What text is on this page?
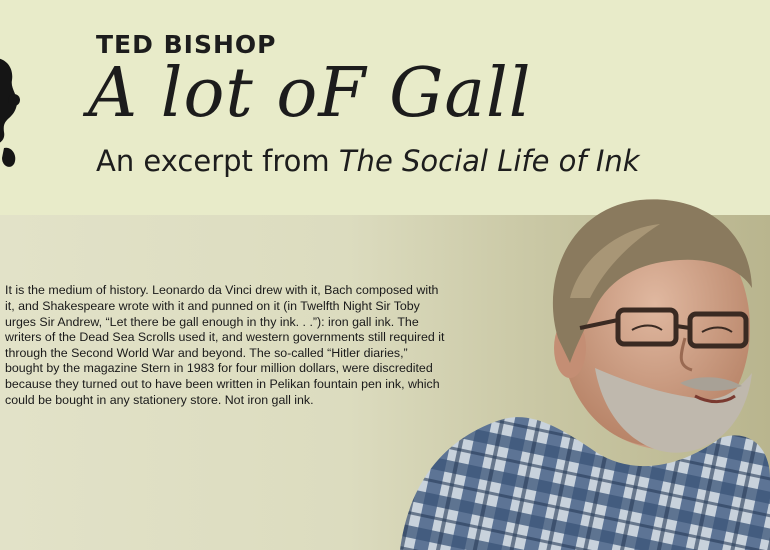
TED BISHOP
A lot oF Gall
An excerpt from The Social Life of Ink

It is the medium of history. Leonardo da Vinci drew with it, Bach composed with it, and Shakespeare wrote with it and punned on it (in Twelfth Night Sir Toby urges Sir Andrew, “Let there be gall enough in thy ink. . .”): iron gall ink. The writers of the Dead Sea Scrolls used it, and western governments still required it through the Second World War and beyond. The so-called “Hitler diaries,” bought by the magazine Stern in 1983 for four million dollars, were discredited because they turned out to have been written in Pelikan fountain pen ink, which could be bought in any stationery store. Not iron gall ink.
